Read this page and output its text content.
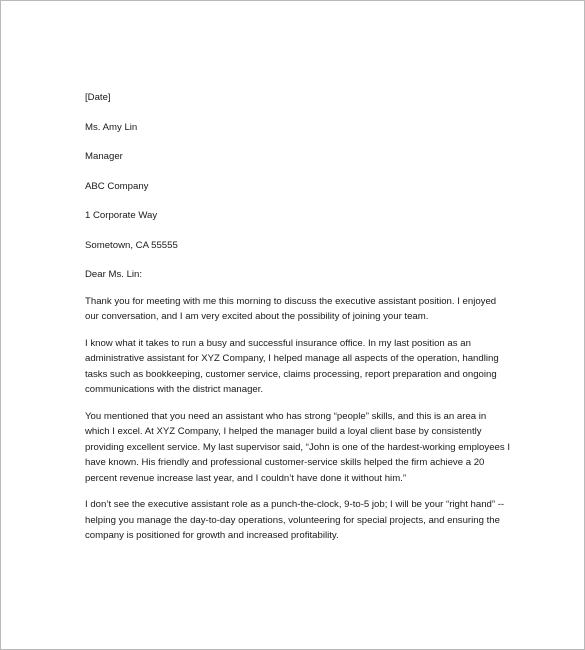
[Date]
Ms. Amy Lin
Manager
ABC Company
1 Corporate Way
Sometown, CA 55555
Dear Ms. Lin:
Thank you for meeting with me this morning to discuss the executive assistant position. I enjoyed
our conversation, and I am very excited about the possibility of joining your team.
I know what it takes to run a busy and successful insurance office. In my last position as an
administrative assistant for XYZ Company, I helped manage all aspects of the operation, handling
tasks such as bookkeeping, customer service, claims processing, report preparation and ongoing
communications with the district manager.
You mentioned that you need an assistant who has strong “people” skills, and this is an area in
which I excel. At XYZ Company, I helped the manager build a loyal client base by consistently
providing excellent service. My last supervisor said, “John is one of the hardest-working employees I
have known. His friendly and professional customer-service skills helped the firm achieve a 20
percent revenue increase last year, and I couldn’t have done it without him.”
I don’t see the executive assistant role as a punch-the-clock, 9-to-5 job; I will be your “right hand” --
helping you manage the day-to-day operations, volunteering for special projects, and ensuring the
company is positioned for growth and increased profitability.
